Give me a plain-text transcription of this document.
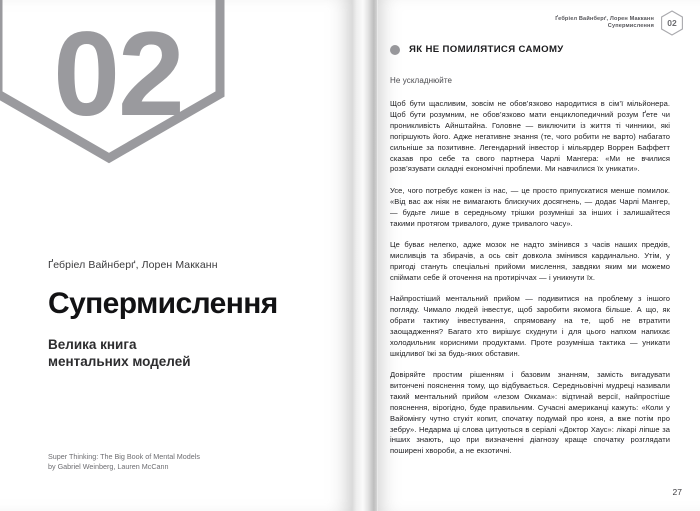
02

Ґебріел Вайнберґ, Лорен Макканн

Супермислення

Велика книга
ментальних моделей

Super Thinking: The Big Book of Mental Models
by Gabriel Weinberg, Lauren McCann
Ґебріел Вайнберґ, Лорен Макканн
Супермислення	02
ЯК НЕ ПОМИЛЯТИСЯ САМОМУ

Не ускладнюйте

Щоб бути щасливим, зовсім не обов’язково народитися в сім’ї мільйонера. Щоб бути розумним, не обов’язково мати енциклопедичний розум Ґете чи проникливість Айнштайна. Головне — виключити із життя ті чинники, які погіршують його. Адже негативне знання (те, чого робити не варто) набагато сильніше за позитивне. Легендарний інвестор і мільярдер Воррен Баффетт сказав про себе та свого партнера Чарлі Мангера: «Ми не вчилися розв’язувати складні економічні проблеми. Ми навчилися їх уникати».

Усе, чого потребує кожен із нас, — це просто припускатися менше помилок. «Від вас аж ніяк не вимагають блискучих досягнень, — додає Чарлі Мангер, — будьте лише в середньому трішки розумніші за інших і залишайтеся такими протягом тривалого, дуже тривалого часу».

Це буває нелегко, адже мозок не надто змінився з часів наших предків, мисливців та збирачів, а ось світ довкола змінився кардинально. Утім, у пригоді стануть спеціальні прийоми мислення, завдяки яким ми можемо спіймати себе й оточення на протиріччах — і уникнути їх.

Найпростіший ментальний прийом — подивитися на проблему з іншого погляду. Чимало людей інвестує, щоб заробити якомога більше. А що, як обрати тактику інвестування, спрямовану на те, щоб не втратити заощадження? Багато хто вирішує схуднути і для цього напхом напихає холодильник корисними продуктами. Проте розумніша тактика — уникати шкідливої їжі за будь-яких обставин.

Довіряйте простим рішенням і базовим знанням, замість вигадувати витончені пояснення тому, що відбувається. Середньовічні мудреці називали такий ментальний прийом «лезом Оккама»: відтинай версії, найпростіше пояснення, вірогідно, буде правильним. Сучасні американці кажуть: «Коли у Вайомінгу чутно стукіт копит, спочатку подумай про коня, а вже потім про зебру». Недарма ці слова цитуються в серіалі «Доктор Хаус»: лікарі ліпше за інших знають, що при визначенні діагнозу краще спочатку розглядати поширені хвороби, а не екзотичні.

27
